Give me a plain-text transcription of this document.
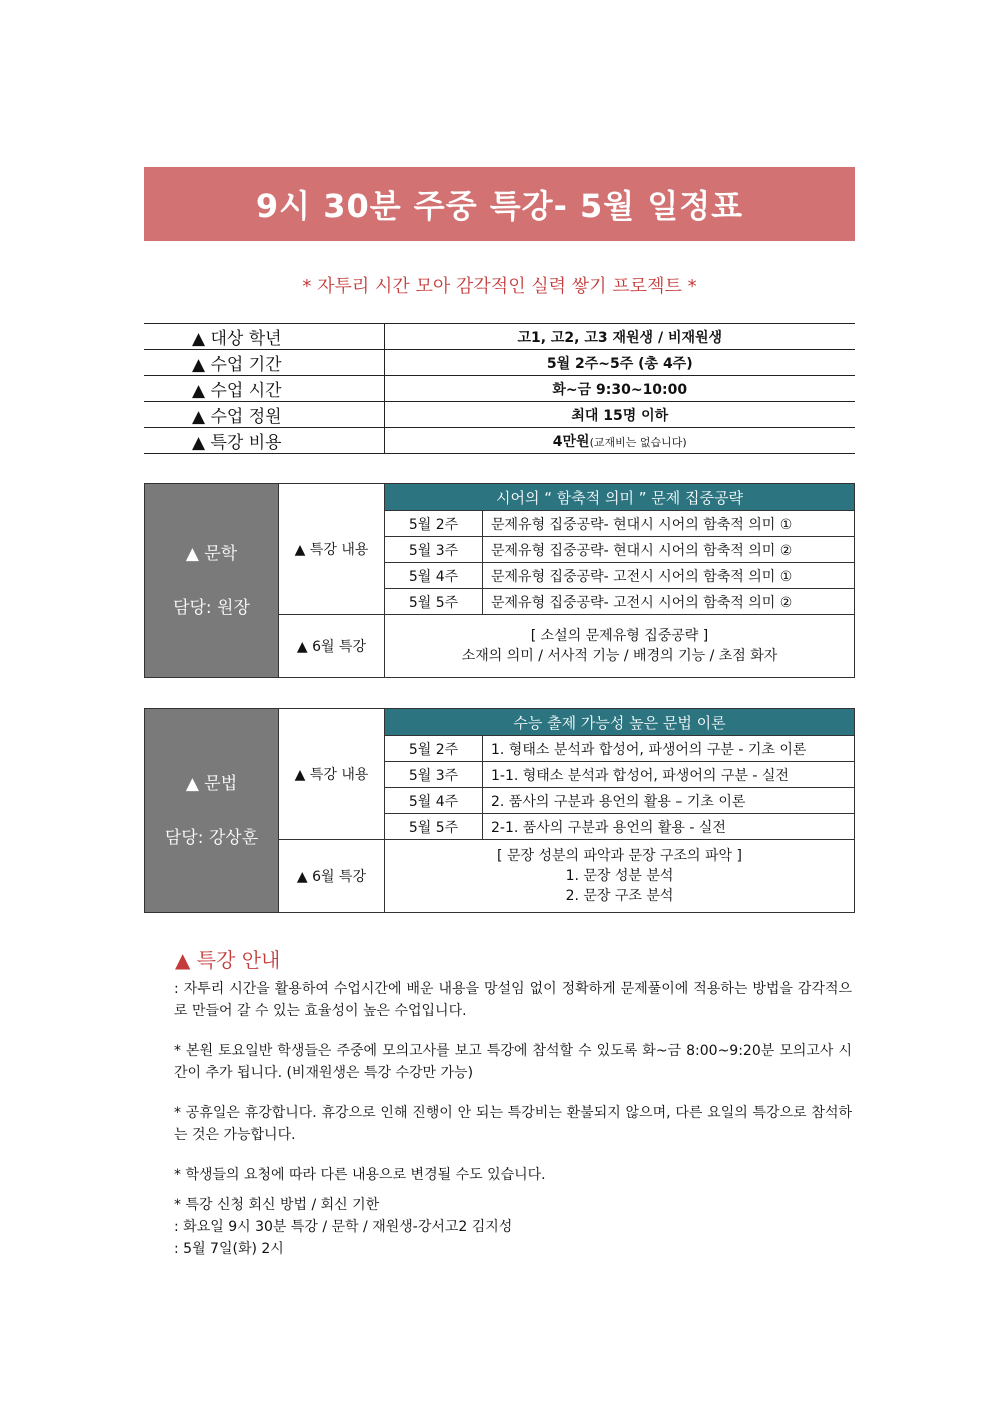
9시 30분 주중 특강- 5월 일정표
* 자투리 시간 모아 감각적인 실력 쌓기 프로젝트 *
▲ 대상 학년	고1, 고2, 고3 재원생 / 비재원생
▲ 수업 기간	5월 2주~5주 (총 4주)
▲ 수업 시간	화~금 9:30~10:00
▲ 수업 정원	최대 15명 이하
▲ 특강 비용	4만원(교재비는 없습니다)
▲ 문학
담당: 원장	▲ 특강 내용	시어의 “ 함축적 의미 ” 문제 집중공략	
		5월 2주	문제유형 집중공략- 현대시 시어의 함축적 의미 ①
		5월 3주	문제유형 집중공략- 현대시 시어의 함축적 의미 ②
		5월 4주	문제유형 집중공략- 고전시 시어의 함축적 의미 ①
		5월 5주	문제유형 집중공략- 고전시 시어의 함축적 의미 ②
	▲ 6월 특강	[ 소설의 문제유형 집중공략 ]
소재의 의미 / 서사적 기능 / 배경의 기능 / 초점 화자	
▲ 문법
담당: 강상훈	▲ 특강 내용	수능 출제 가능성 높은 문법 이론	
		5월 2주	1. 형태소 분석과 합성어, 파생어의 구분 - 기초 이론
		5월 3주	1-1. 형태소 분석과 합성어, 파생어의 구분 - 실전
		5월 4주	2. 품사의 구분과 용언의 활용 – 기초 이론
		5월 5주	2-1. 품사의 구분과 용언의 활용 - 실전
	▲ 6월 특강	[ 문장 성분의 파악과 문장 구조의 파악 ]
1. 문장 성분 분석
2. 문장 구조 분석	
▲ 특강 안내

: 자투리 시간을 활용하여 수업시간에 배운 내용을 망설임 없이 정확하게 문제풀이에 적용하는 방법을 감각적으로 만들어 갈 수 있는 효율성이 높은 수업입니다.

* 본원 토요일반 학생들은 주중에 모의고사를 보고 특강에 참석할 수 있도록 화~금 8:00~9:20분 모의고사 시간이 추가 됩니다. (비재원생은 특강 수강만 가능)

* 공휴일은 휴강합니다. 휴강으로 인해 진행이 안 되는 특강비는 환불되지 않으며, 다른 요일의 특강으로 참석하는 것은 가능합니다.

* 학생들의 요청에 따라 다른 내용으로 변경될 수도 있습니다.

* 특강 신청 회신 방법 / 회신 기한

: 화요일 9시 30분 특강 / 문학 / 재원생-강서고2 김지성

: 5월 7일(화) 2시
